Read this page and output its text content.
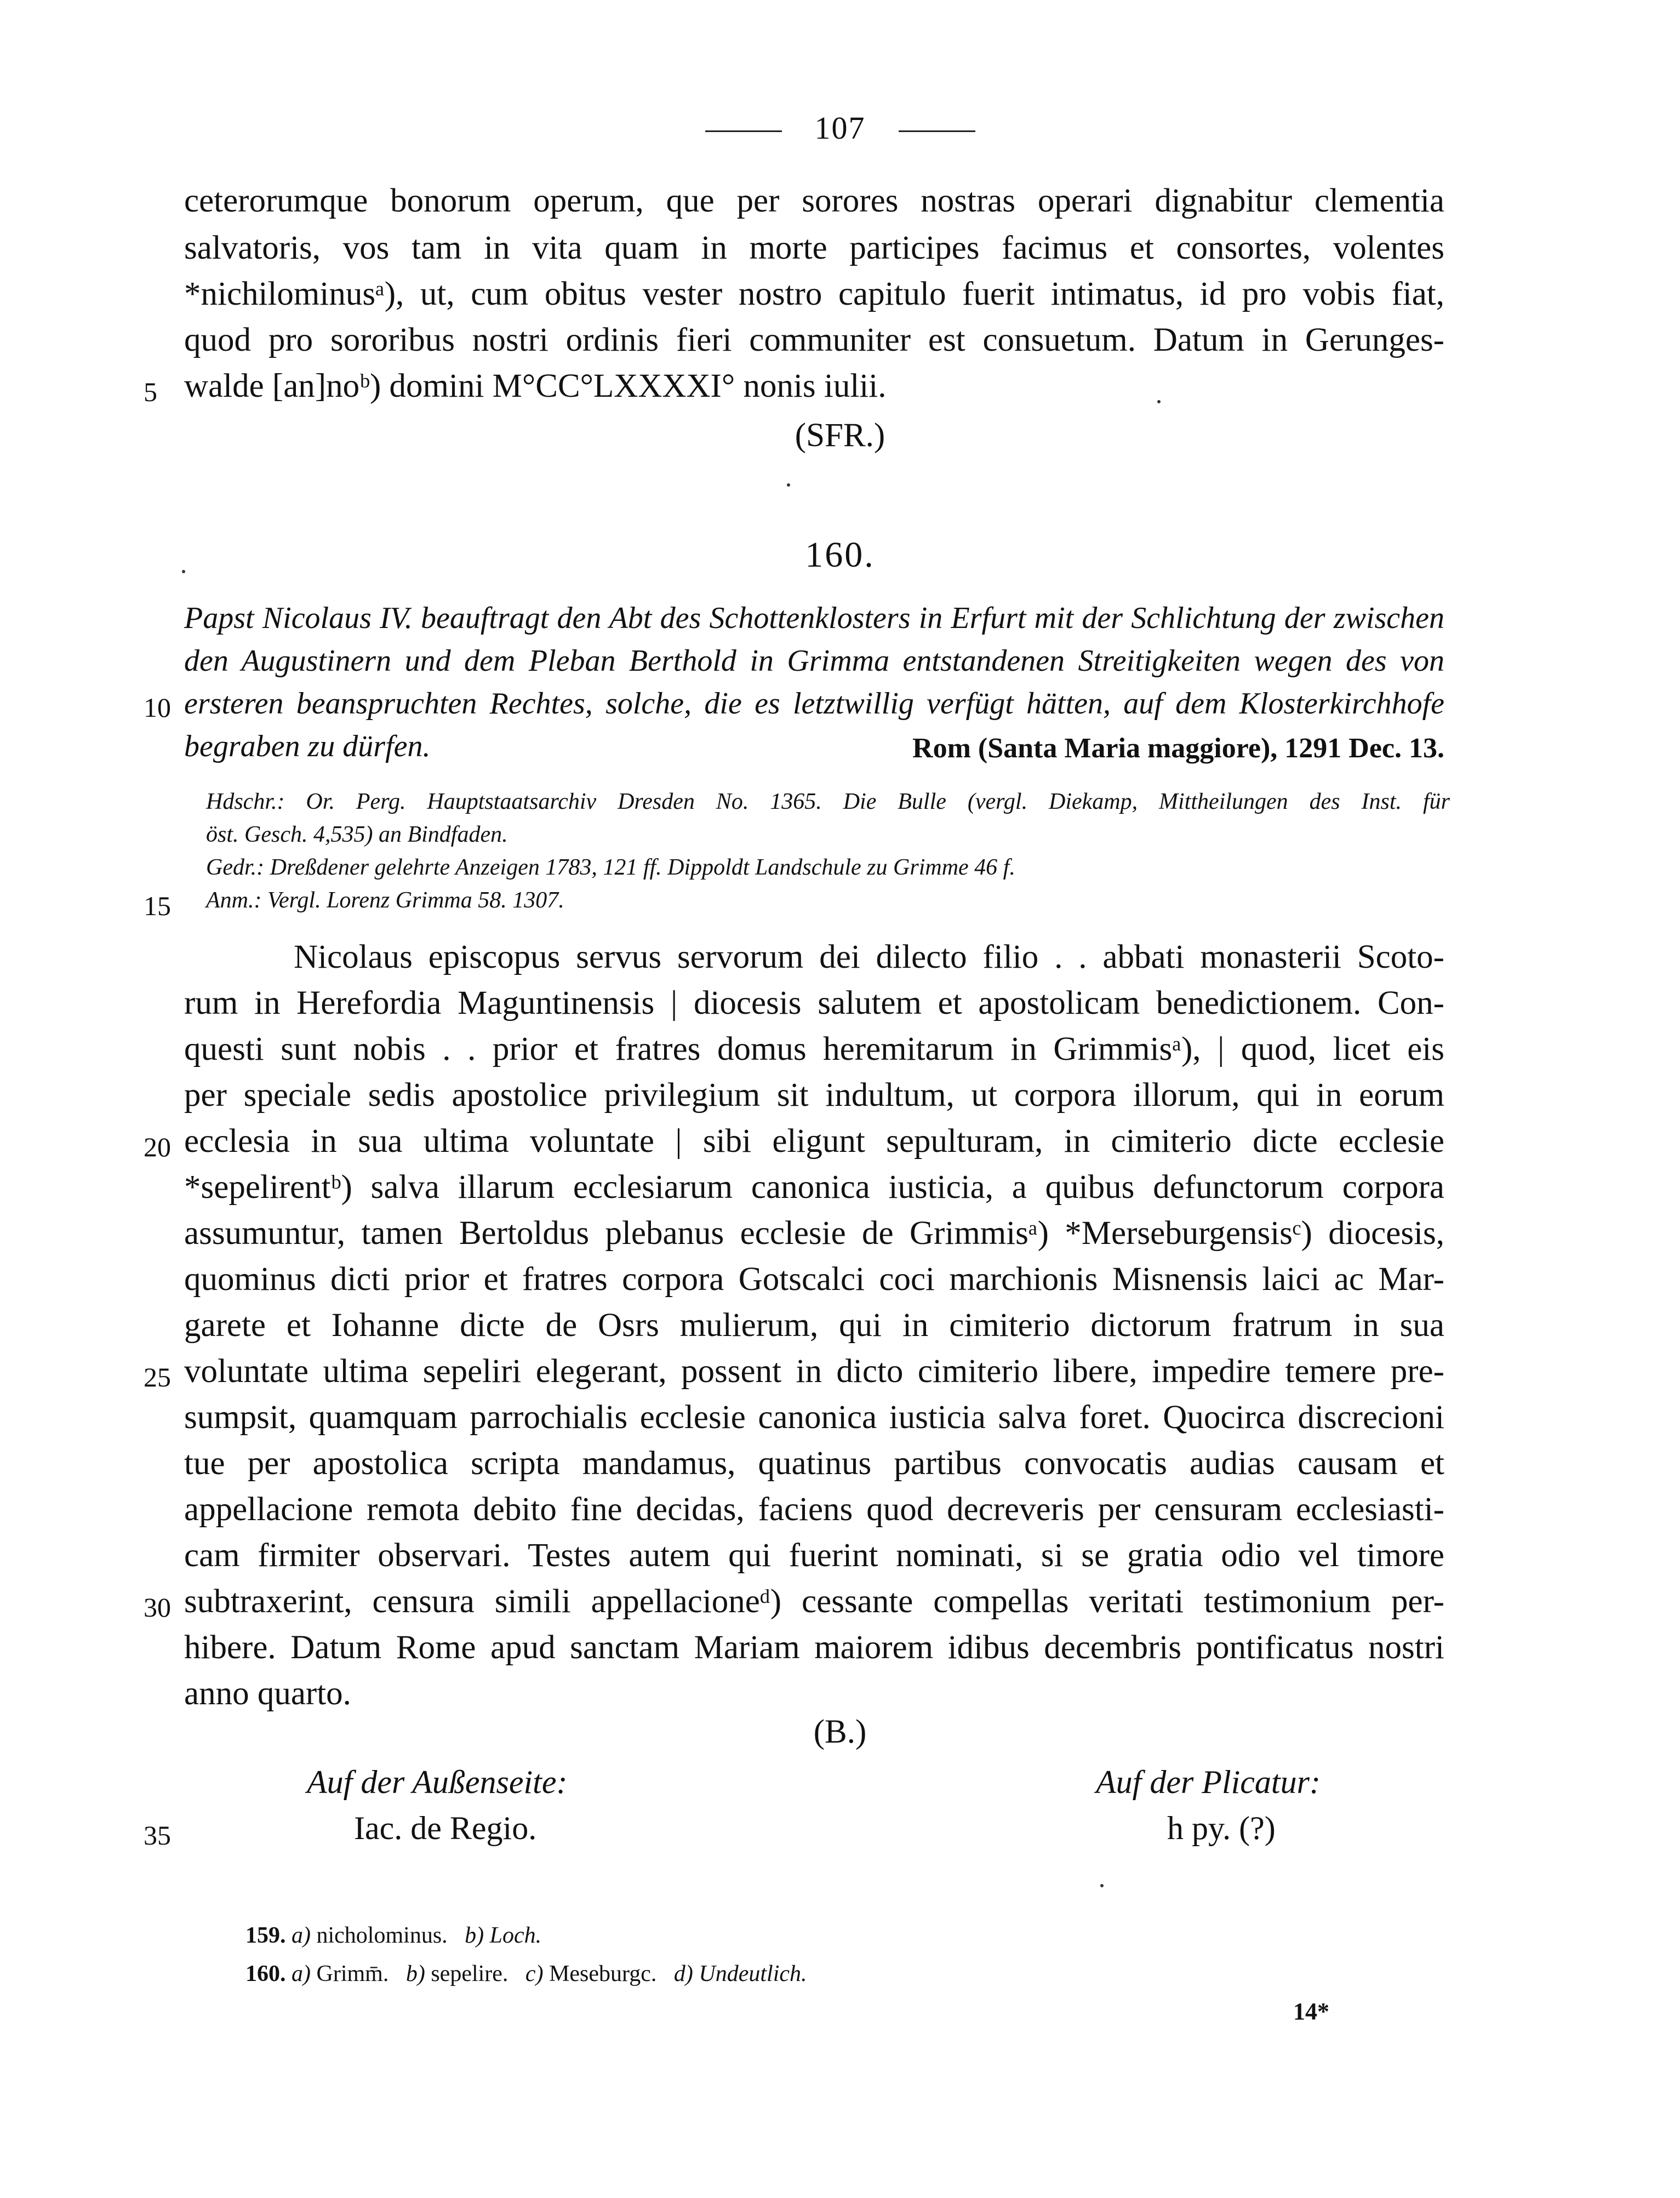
107
ceterorumque bonorum operum, que per sorores nostras operari dignabitur clementia
salvatoris, vos tam in vita quam in morte participes facimus et consortes, volentes
*nichilominusᵃ), ut, cum obitus vester nostro capitulo fuerit intimatus, id pro vobis fiat,
quod pro sororibus nostri ordinis fieri communiter est consuetum. Datum in Gerunges-
5 walde [an]noᵇ) domini M°CC°LXXXXI° nonis iulii.
(SFR.)
160.
Papst Nicolaus IV. beauftragt den Abt des Schottenklosters in Erfurt mit der Schlichtung der zwischen
den Augustinern und dem Pleban Berthold in Grimma entstandenen Streitigkeiten wegen des von
10 ersteren beanspruchten Rechtes, solche, die es letztwillig verfügt hätten, auf dem Klosterkirchhofe
begraben zu dürfen.	Rom (Santa Maria maggiore), 1291 Dec. 13.
Hdschr.: Or. Perg. Hauptstaatsarchiv Dresden No. 1365. Die Bulle (vergl. Diekamp, Mittheilungen des Inst. für
öst. Gesch. 4,535) an Bindfaden.
Gedr.: Dreßdener gelehrte Anzeigen 1783, 121 ff. Dippoldt Landschule zu Grimme 46 f.
15 Anm.: Vergl. Lorenz Grimma 58. 1307.
Nicolaus episcopus servus servorum dei dilecto filio . . abbati monasterii Scoto-
rum in Herefordia Maguntinensis | diocesis salutem et apostolicam benedictionem. Con-
questi sunt nobis . . prior et fratres domus heremitarum in Grimmisᵃ), | quod, licet eis
per speciale sedis apostolice privilegium sit indultum, ut corpora illorum, qui in eorum
20 ecclesia in sua ultima voluntate | sibi eligunt sepulturam, in cimiterio dicte ecclesie
*sepelirentᵇ) salva illarum ecclesiarum canonica iusticia, a quibus defunctorum corpora
assumuntur, tamen Bertoldus plebanus ecclesie de Grimmisᵃ) *Merseburgensisᶜ) diocesis,
quominus dicti prior et fratres corpora Gotscalci coci marchionis Misnensis laici ac Mar-
garete et Iohanne dicte de Osrs mulierum, qui in cimiterio dictorum fratrum in sua
25 voluntate ultima sepeliri elegerant, possent in dicto cimiterio libere, impedire temere pre-
sumpsit, quamquam parrochialis ecclesie canonica iusticia salva foret. Quocirca discrecioni
tue per apostolica scripta mandamus, quatinus partibus convocatis audias causam et
appellacione remota debito fine decidas, faciens quod decreveris per censuram ecclesiasti-
cam firmiter observari. Testes autem qui fuerint nominati, si se gratia odio vel timore
30 subtraxerint, censura simili appellacioneᵈ) cessante compellas veritati testimonium per-
hibere. Datum Rome apud sanctam Mariam maiorem idibus decembris pontificatus nostri
anno quarto.
(B.)
Auf der Außenseite:
35	Iac. de Regio.
Auf der Plicatur:
h py. (?)
159. a) nicholominus. b) Loch.
160. a) Grimm̄. b) sepelire. c) Meseburgc. d) Undeutlich.
14*
